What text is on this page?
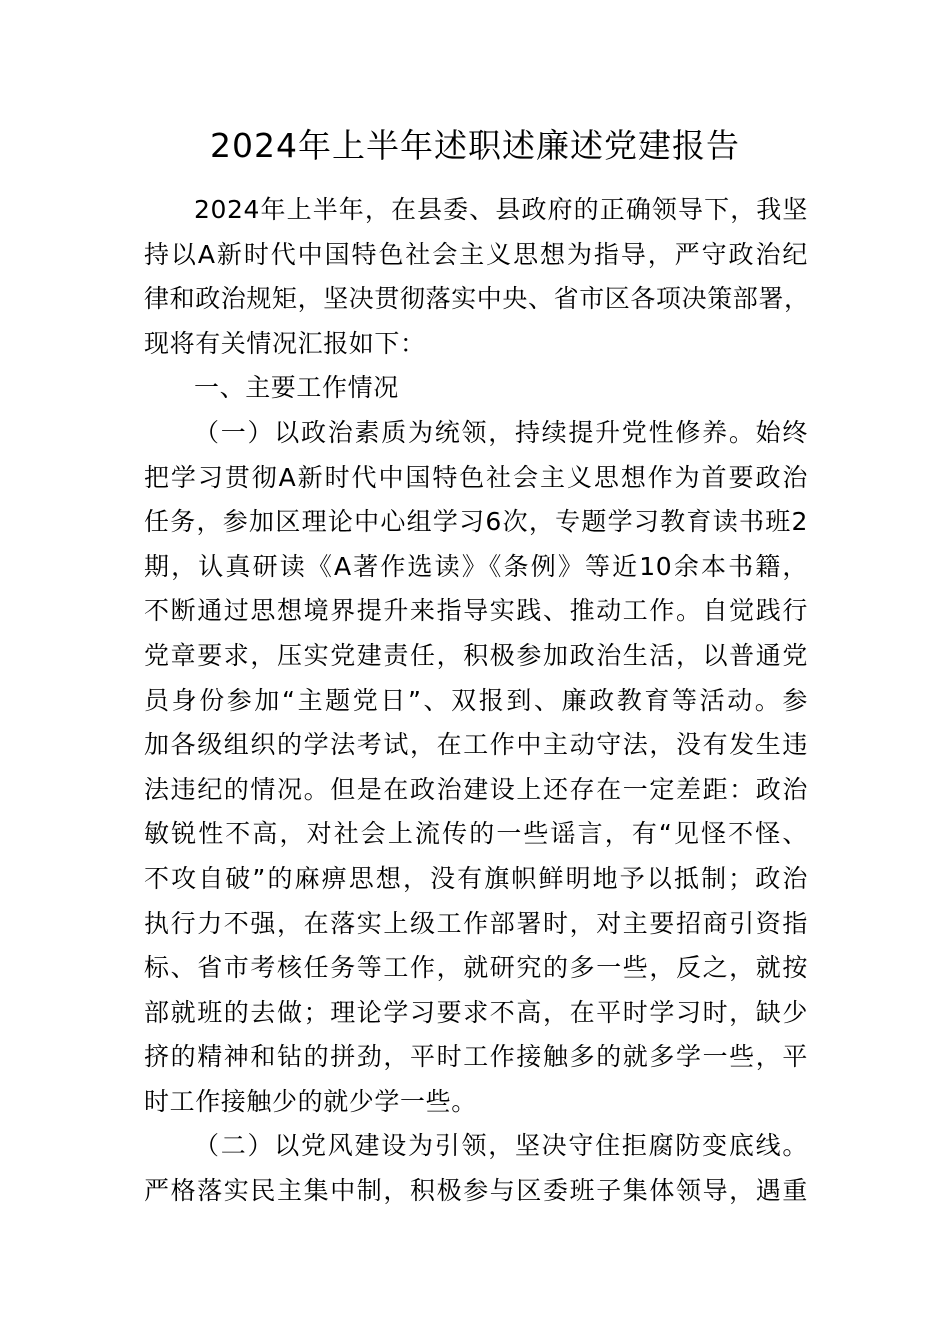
2024年上半年述职述廉述党建报告
2024年上半年，在县委、县政府的正确领导下，我坚
持以A新时代中国特色社会主义思想为指导，严守政治纪
律和政治规矩，坚决贯彻落实中央、省市区各项决策部署，
现将有关情况汇报如下：
一、主要工作情况
（一）以政治素质为统领，持续提升党性修养。始终
把学习贯彻A新时代中国特色社会主义思想作为首要政治
任务，参加区理论中心组学习6次，专题学习教育读书班2
期，认真研读《A著作选读》《条例》等近10余本书籍，
不断通过思想境界提升来指导实践、推动工作。自觉践行
党章要求，压实党建责任，积极参加政治生活，以普通党
员身份参加“主题党日”、双报到、廉政教育等活动。参
加各级组织的学法考试，在工作中主动守法，没有发生违
法违纪的情况。但是在政治建设上还存在一定差距：政治
敏锐性不高，对社会上流传的一些谣言，有“见怪不怪、
不攻自破”的麻痹思想，没有旗帜鲜明地予以抵制；政治
执行力不强，在落实上级工作部署时，对主要招商引资指
标、省市考核任务等工作，就研究的多一些，反之，就按
部就班的去做；理论学习要求不高，在平时学习时，缺少
挤的精神和钻的拼劲，平时工作接触多的就多学一些，平
时工作接触少的就少学一些。
（二）以党风建设为引领，坚决守住拒腐防变底线。
严格落实民主集中制，积极参与区委班子集体领导，遇重
